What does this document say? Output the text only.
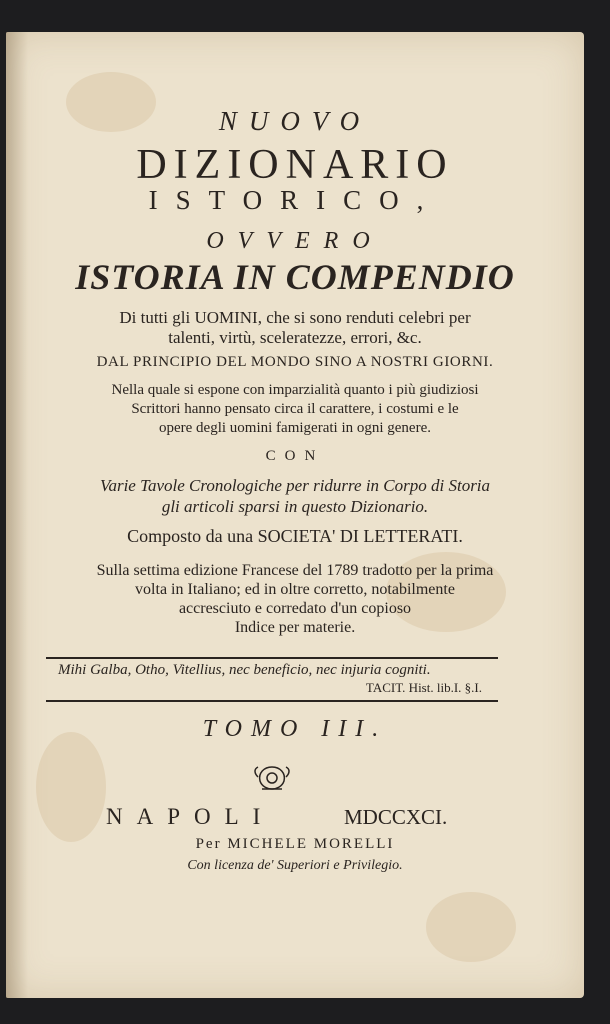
NUOVO
DIZIONARIO
ISTORICO,
OVVERO
ISTORIA IN COMPENDIO
Di tutti gli UOMINI, che si sono renduti celebri per
talenti, virtù, sceleratezze, errori, &c.
DAL PRINCIPIO DEL MONDO SINO A NOSTRI GIORNI.
Nella quale si espone con imparzialità quanto i più giudiziosi
Scrittori hanno pensato circa il carattere, i costumi e le
opere degli uomini famigerati in ogni genere.
CON
Varie Tavole Cronologiche per ridurre in Corpo di Storia
gli articoli sparsi in questo Dizionario.
Composto da una SOCIETA' DI LETTERATI.
Sulla settima edizione Francese del 1789 tradotto per la prima
volta in Italiano; ed in oltre corretto, notabilmente
accresciuto e corredato d'un copioso
Indice per materie.
Mihi Galba, Otho, Vitellius, nec beneficio, nec injuria cogniti.
TACIT. Hist. lib.I. §.I.
TOMO III.
NAPOLI	MDCCXCI.
Per MICHELE MORELLI
Con licenza de' Superiori e Privilegio.
